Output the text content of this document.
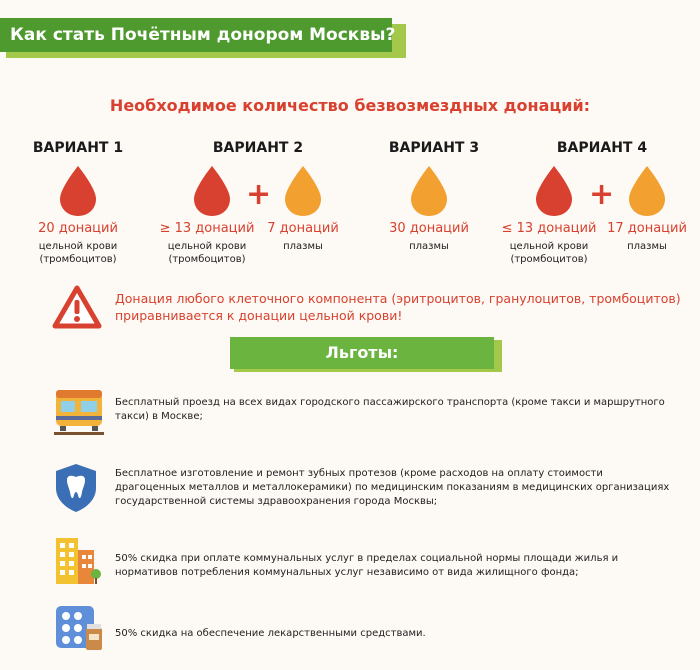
Как стать Почётным донором Москвы?
Необходимое количество безвозмездных донаций:
ВАРИАНТ 1	ВАРИАНТ 2	ВАРИАНТ 3	ВАРИАНТ 4
+	+
20 донаций
цельной крови
(тромбоцитов)
≥ 13 донаций
цельной крови
(тромбоцитов)
7 донаций
плазмы
30 донаций
плазмы
≤ 13 донаций
цельной крови
(тромбоцитов)
17 донаций
плазмы
Донация любого клеточного компонента (эритроцитов, гранулоцитов, тромбоцитов)
приравнивается к донации цельной крови!
Льготы:
Бесплатный проезд на всех видах городского пассажирского транспорта (кроме такси и маршрутного такси) в Москве;
Бесплатное изготовление и ремонт зубных протезов (кроме расходов на оплату стоимости драгоценных металлов и металлокерамики) по медицинским показаниям в медицинских организациях государственной системы здравоохранения города Москвы;
50% скидка при оплате коммунальных услуг в пределах социальной нормы площади жилья и нормативов потребления коммунальных услуг независимо от вида жилищного фонда;
50% скидка на обеспечение лекарственными средствами.
